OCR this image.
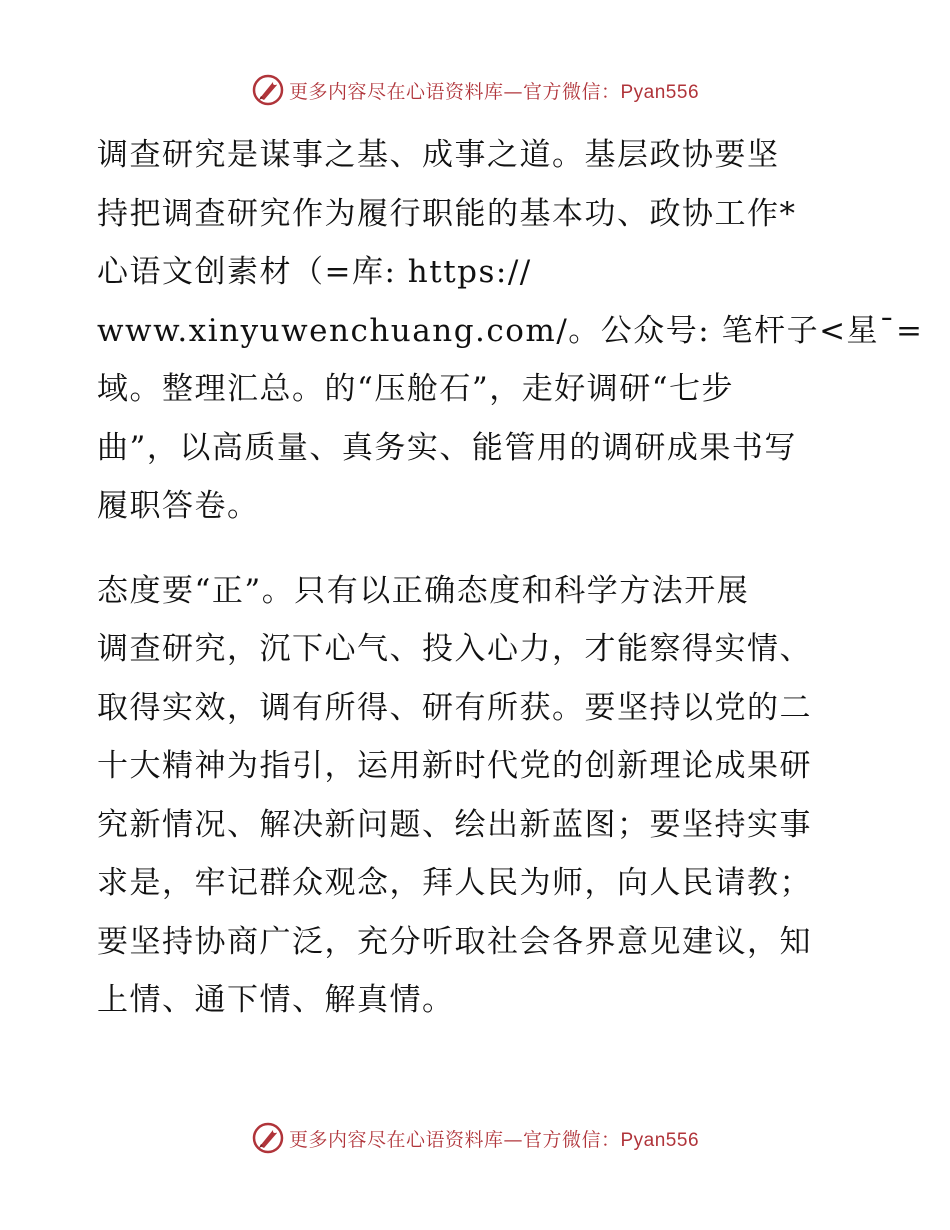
更多内容尽在心语资料库—官方微信：Pyan556

调查研究是谋事之基、成事之道。基层政协要坚
持把调查研究作为履行职能的基本功、政协工作*
心语文创素材（=库: https://
www.xinyuwenchuang.com/。公众号: 笔杆子<星¯=
域。整理汇总。的“压舱石”，走好调研“七步
曲”，以高质量、真务实、能管用的调研成果书写
履职答卷。

态度要“正”。只有以正确态度和科学方法开展
调查研究，沉下心气、投入心力，才能察得实情、
取得实效，调有所得、研有所获。要坚持以党的二
十大精神为指引，运用新时代党的创新理论成果研
究新情况、解决新问题、绘出新蓝图；要坚持实事
求是，牢记群众观念，拜人民为师，向人民请教；
要坚持协商广泛，充分听取社会各界意见建议，知
上情、通下情、解真情。

更多内容尽在心语资料库—官方微信：Pyan556
